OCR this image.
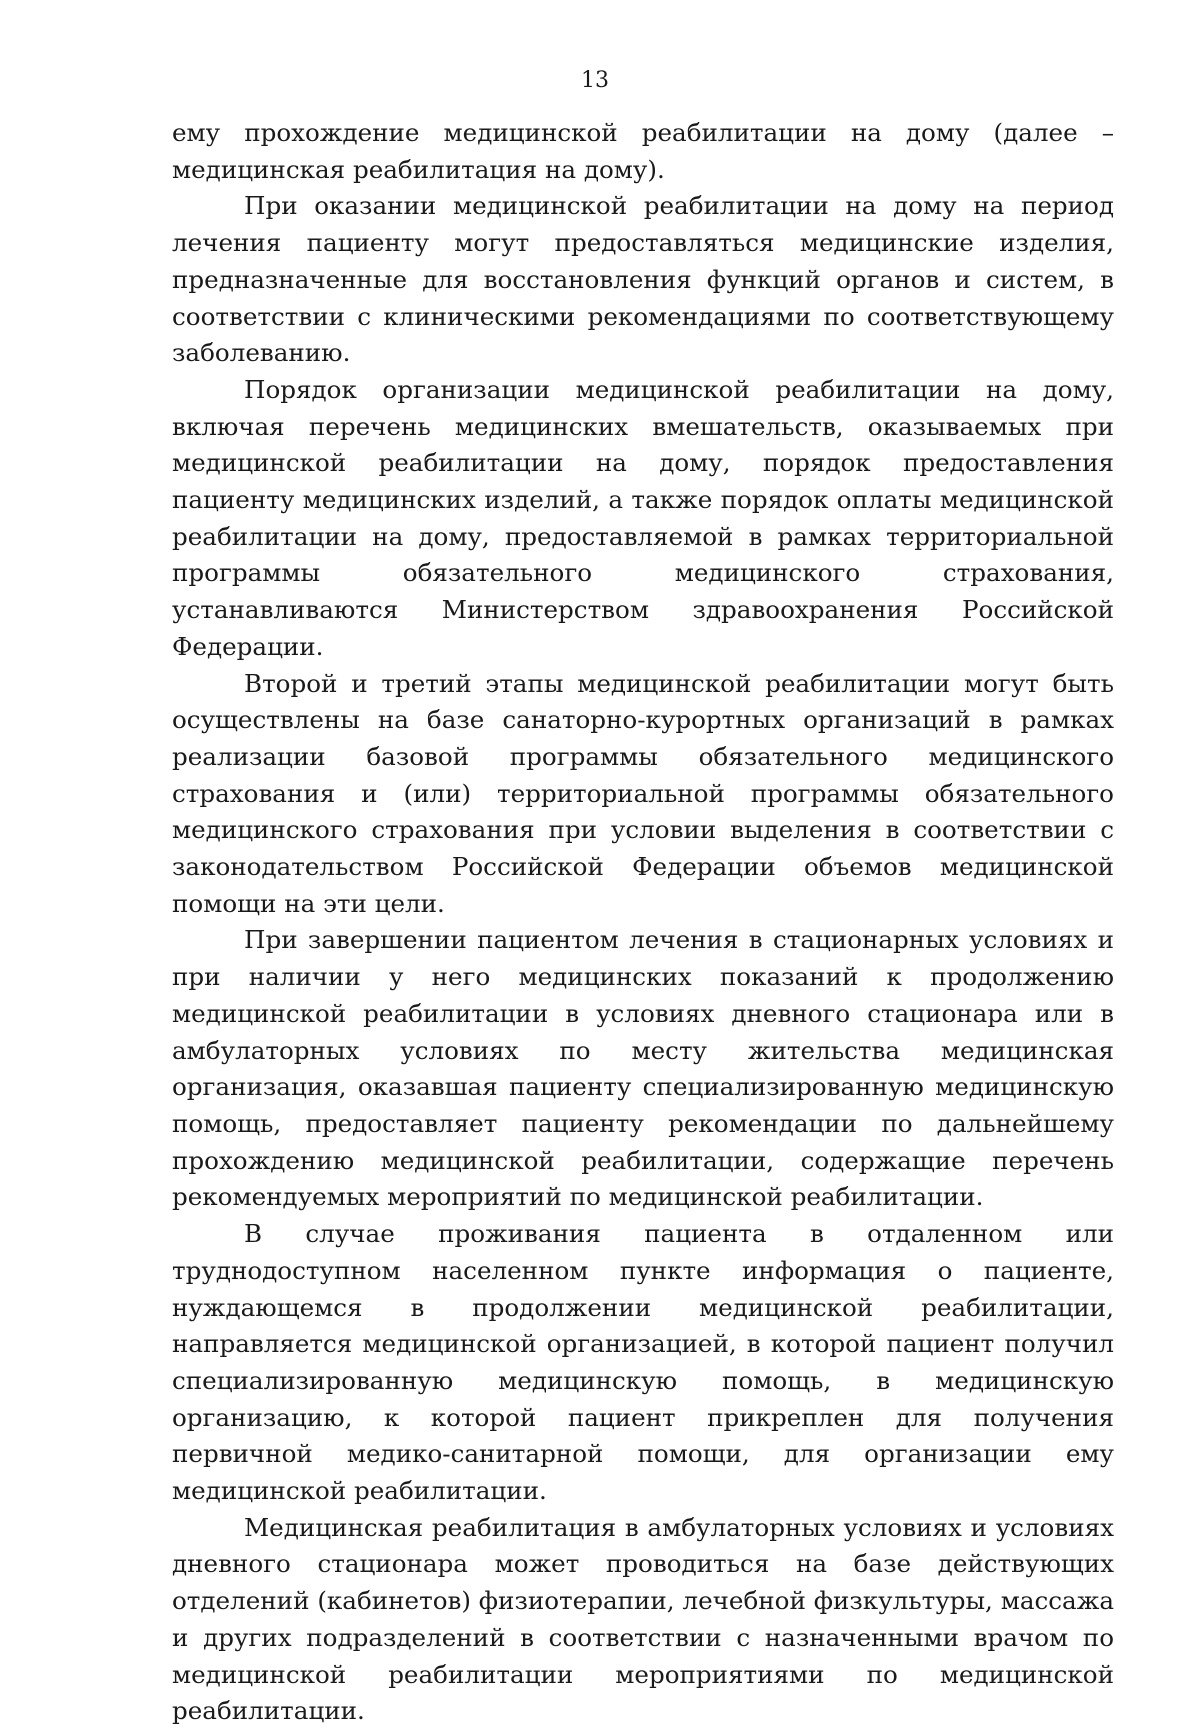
13

ему прохождение медицинской реабилитации на дому (далее – медицинская реабилитация на дому).

При оказании медицинской реабилитации на дому на период лечения пациенту могут предоставляться медицинские изделия, предназначенные для восстановления функций органов и систем, в соответствии с клиническими рекомендациями по соответствующему заболеванию.

Порядок организации медицинской реабилитации на дому, включая перечень медицинских вмешательств, оказываемых при медицинской реабилитации на дому, порядок предоставления пациенту медицинских изделий, а также порядок оплаты медицинской реабилитации на дому, предоставляемой в рамках территориальной программы обязательного медицинского страхования, устанавливаются Министерством здравоохранения Российской Федерации.

Второй и третий этапы медицинской реабилитации могут быть осуществлены на базе санаторно-курортных организаций в рамках реализации базовой программы обязательного медицинского страхования и (или) территориальной программы обязательного медицинского страхования при условии выделения в соответствии с законодательством Российской Федерации объемов медицинской помощи на эти цели.

При завершении пациентом лечения в стационарных условиях и при наличии у него медицинских показаний к продолжению медицинской реабилитации в условиях дневного стационара или в амбулаторных условиях по месту жительства медицинская организация, оказавшая пациенту специализированную медицинскую помощь, предоставляет пациенту рекомендации по дальнейшему прохождению медицинской реабилитации, содержащие перечень рекомендуемых мероприятий по медицинской реабилитации.

В случае проживания пациента в отдаленном или труднодоступном населенном пункте информация о пациенте, нуждающемся в продолжении медицинской реабилитации, направляется медицинской организацией, в которой пациент получил специализированную медицинскую помощь, в медицинскую организацию, к которой пациент прикреплен для получения первичной медико-санитарной помощи, для организации ему медицинской реабилитации.

Медицинская реабилитация в амбулаторных условиях и условиях дневного стационара может проводиться на базе действующих отделений (кабинетов) физиотерапии, лечебной физкультуры, массажа и других подразделений в соответствии с назначенными врачом по медицинской реабилитации мероприятиями по медицинской реабилитации.
